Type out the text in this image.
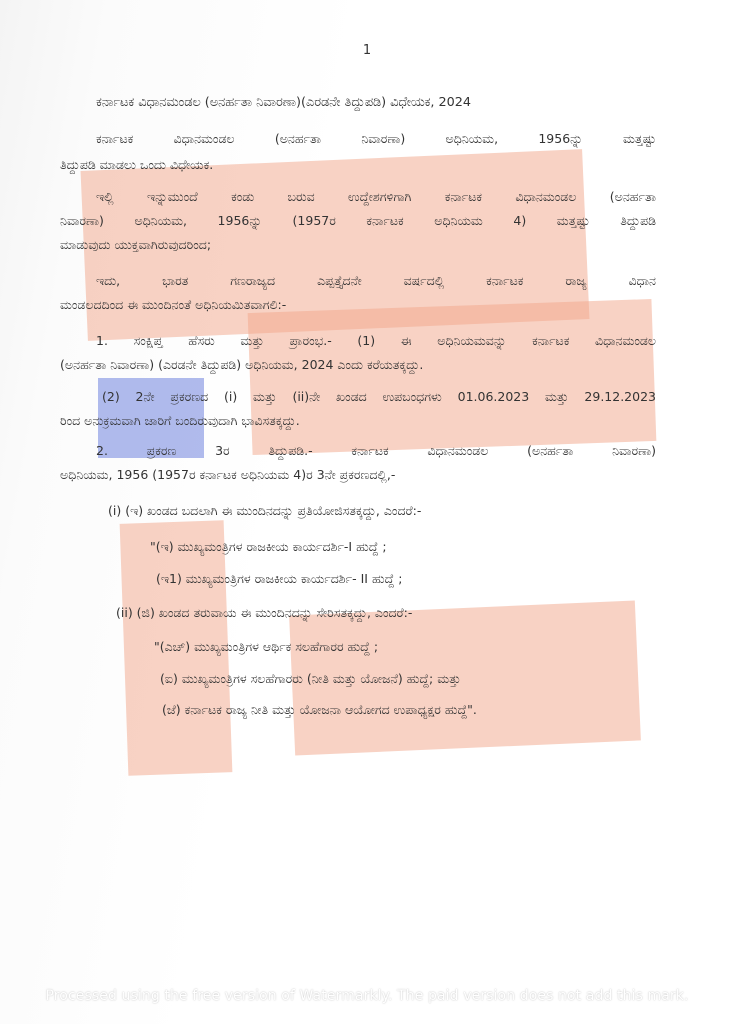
1
ಕರ್ನಾಟಕ ವಿಧಾನಮಂಡಲ (ಅನರ್ಹತಾ ನಿವಾರಣಾ)(ಎರಡನೇ ತಿದ್ದುಪಡಿ) ವಿಧೇಯಕ, 2024
ಕರ್ನಾಟಕ ವಿಧಾನಮಂಡಲ (ಅನರ್ಹತಾ ನಿವಾರಣಾ) ಅಧಿನಿಯಮ, 1956ನ್ನು ಮತ್ತಷ್ಟು
ತಿದ್ದುಪಡಿ ಮಾಡಲು ಒಂದು ವಿಧೇಯಕ.
ಇಲ್ಲಿ ಇನ್ನುಮುಂದೆ ಕಂಡು ಬರುವ ಉದ್ದೇಶಗಳಿಗಾಗಿ ಕರ್ನಾಟಕ ವಿಧಾನಮಂಡಲ (ಅನರ್ಹತಾ
ನಿವಾರಣಾ) ಅಧಿನಿಯಮ, 1956ನ್ನು (1957ರ ಕರ್ನಾಟಕ ಅಧಿನಿಯಮ 4) ಮತ್ತಷ್ಟು ತಿದ್ದುಪಡಿ
ಮಾಡುವುದು ಯುಕ್ತವಾಗಿರುವುದರಿಂದ;
ಇದು, ಭಾರತ ಗಣರಾಜ್ಯದ ಎಪ್ಪತ್ತೈದನೇ ವರ್ಷದಲ್ಲಿ ಕರ್ನಾಟಕ ರಾಜ್ಯ ವಿಧಾನ
ಮಂಡಲದದಿಂದ ಈ ಮುಂದಿನಂತೆ ಅಧಿನಿಯಮಿತವಾಗಲಿ:-
1. ಸಂಕ್ಷಿಪ್ತ ಹೆಸರು ಮತ್ತು ಪ್ರಾರಂಭ.- (1) ಈ ಅಧಿನಿಯಮವನ್ನು ಕರ್ನಾಟಕ ವಿಧಾನಮಂಡಲ
(ಅನರ್ಹತಾ ನಿವಾರಣಾ) (ಎರಡನೇ ತಿದ್ದುಪಡಿ) ಅಧಿನಿಯಮ, 2024 ಎಂದು ಕರೆಯತಕ್ಕದ್ದು.
(2) 2ನೇ ಪ್ರಕರಣದ (i) ಮತ್ತು (ii)ನೇ ಖಂಡದ ಉಪಬಂಧಗಳು 01.06.2023 ಮತ್ತು 29.12.2023
ರಿಂದ ಅನುಕ್ರಮವಾಗಿ ಜಾರಿಗೆ ಬಂದಿರುವುದಾಗಿ ಭಾವಿಸತಕ್ಕದ್ದು.
2. ಪ್ರಕರಣ 3ರ ತಿದ್ದುಪಡಿ.- ಕರ್ನಾಟಕ ವಿಧಾನಮಂಡಲ (ಅನರ್ಹತಾ ನಿವಾರಣಾ)
ಅಧಿನಿಯಮ, 1956 (1957ರ ಕರ್ನಾಟಕ ಅಧಿನಿಯಮ 4)ರ 3ನೇ ಪ್ರಕರಣದಲ್ಲಿ,-
(i) (ಇ) ಖಂಡದ ಬದಲಾಗಿ ಈ ಮುಂದಿನದನ್ನು ಪ್ರತಿಯೋಜಿಸತಕ್ಕದ್ದು, ಎಂದರೆ:-
"(ಇ) ಮುಖ್ಯಮಂತ್ರಿಗಳ ರಾಜಕೀಯ ಕಾರ್ಯದರ್ಶಿ-I ಹುದ್ದೆ ;
(ಇ1) ಮುಖ್ಯಮಂತ್ರಿಗಳ ರಾಜಕೀಯ ಕಾರ್ಯದರ್ಶಿ- II ಹುದ್ದೆ ;
(ii) (ಜಿ) ಖಂಡದ ತರುವಾಯ ಈ ಮುಂದಿನದನ್ನು ಸೇರಿಸತಕ್ಕದ್ದು, ಎಂದರೆ:-
"(ಎಚ್) ಮುಖ್ಯಮಂತ್ರಿಗಳ ಆರ್ಥಿಕ ಸಲಹೆಗಾರರ ಹುದ್ದೆ ;
(ಐ) ಮುಖ್ಯಮಂತ್ರಿಗಳ ಸಲಹೆಗಾರರು (ನೀತಿ ಮತ್ತು ಯೋಜನೆ) ಹುದ್ದೆ; ಮತ್ತು
(ಜೆ) ಕರ್ನಾಟಕ ರಾಜ್ಯ ನೀತಿ ಮತ್ತು ಯೋಜನಾ ಆಯೋಗದ ಉಪಾಧ್ಯಕ್ಷರ ಹುದ್ದೆ".
Processed using the free version of Watermarkly. The paid version does not add this mark.
